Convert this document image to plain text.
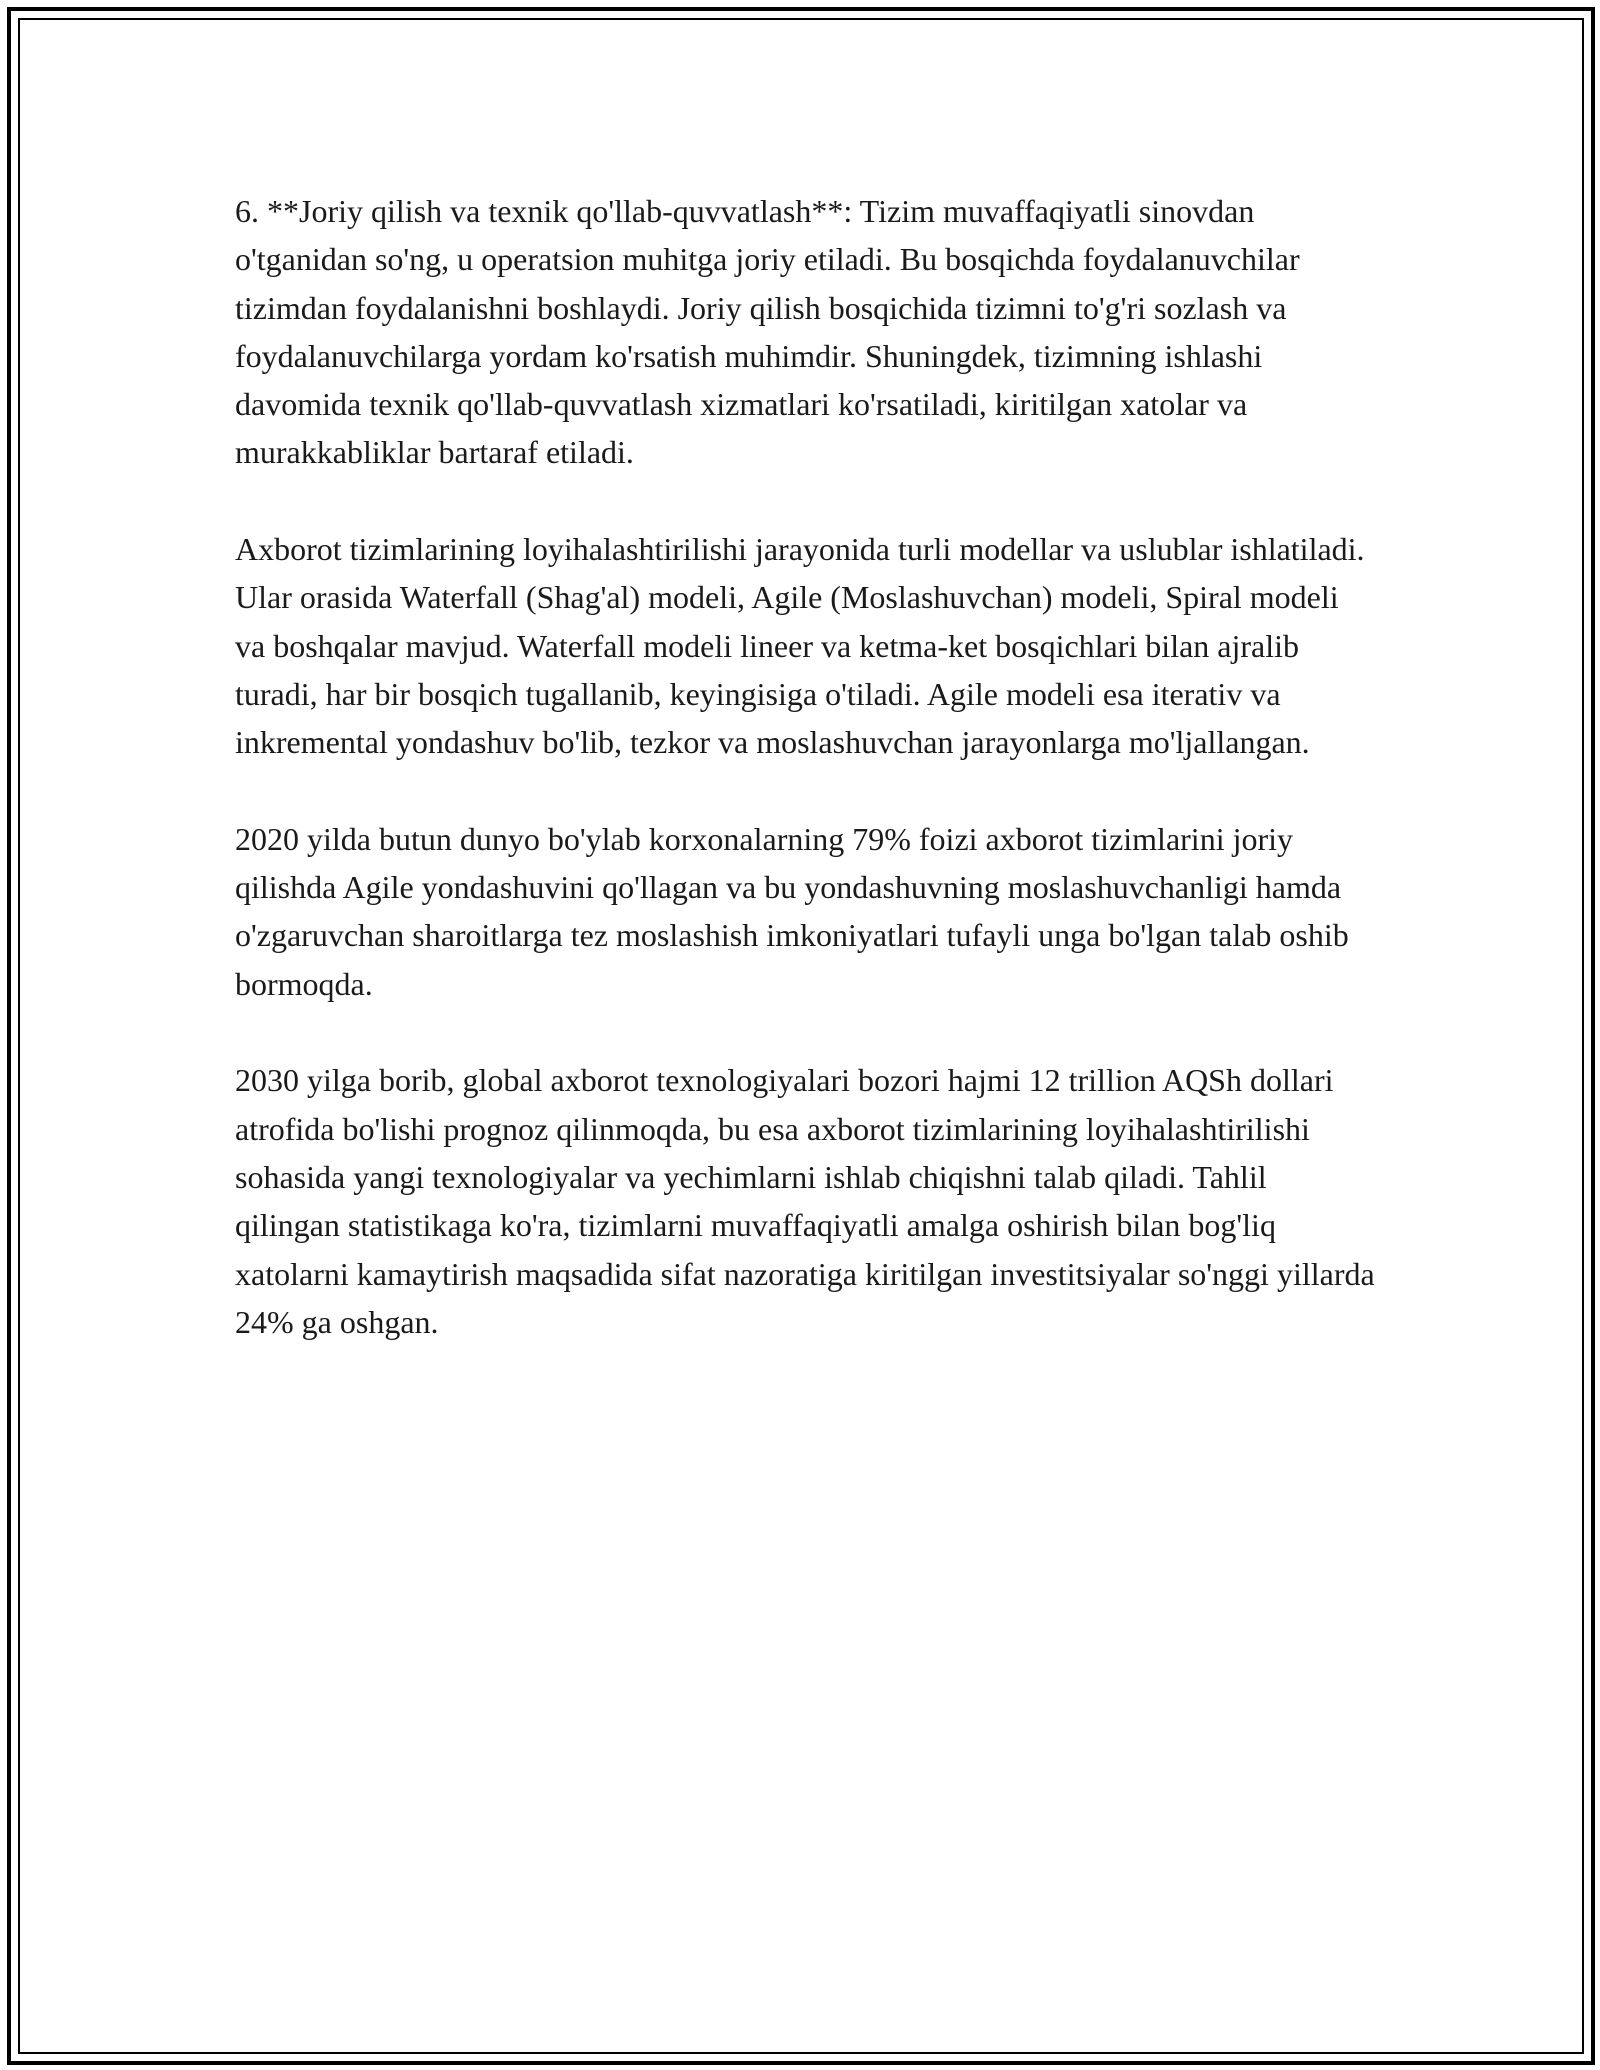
6. **Joriy qilish va texnik qo'llab-quvvatlash**: Tizim muvaffaqiyatli sinovdan o'tganidan so'ng, u operatsion muhitga joriy etiladi. Bu bosqichda foydalanuvchilar tizimdan foydalanishni boshlaydi. Joriy qilish bosqichida tizimni to'g'ri sozlash va foydalanuvchilarga yordam ko'rsatish muhimdir. Shuningdek, tizimning ishlashi davomida texnik qo'llab-quvvatlash xizmatlari ko'rsatiladi, kiritilgan xatolar va murakkabliklar bartaraf etiladi.

Axborot tizimlarining loyihalashtirilishi jarayonida turli modellar va uslublar ishlatiladi. Ular orasida Waterfall (Shag'al) modeli, Agile (Moslashuvchan) modeli, Spiral modeli va boshqalar mavjud. Waterfall modeli lineer va ketma-ket bosqichlari bilan ajralib turadi, har bir bosqich tugallanib, keyingisiga o'tiladi. Agile modeli esa iterativ va inkremental yondashuv bo'lib, tezkor va moslashuvchan jarayonlarga mo'ljallangan.

2020 yilda butun dunyo bo'ylab korxonalarning 79% foizi axborot tizimlarini joriy qilishda Agile yondashuvini qo'llagan va bu yondashuvning moslashuvchanligi hamda o'zgaruvchan sharoitlarga tez moslashish imkoniyatlari tufayli unga bo'lgan talab oshib bormoqda.

2030 yilga borib, global axborot texnologiyalari bozori hajmi 12 trillion AQSh dollari atrofida bo'lishi prognoz qilinmoqda, bu esa axborot tizimlarining loyihalashtirilishi sohasida yangi texnologiyalar va yechimlarni ishlab chiqishni talab qiladi. Tahlil qilingan statistikaga ko'ra, tizimlarni muvaffaqiyatli amalga oshirish bilan bog'liq xatolarni kamaytirish maqsadida sifat nazoratiga kiritilgan investitsiyalar so'nggi yillarda 24% ga oshgan.
